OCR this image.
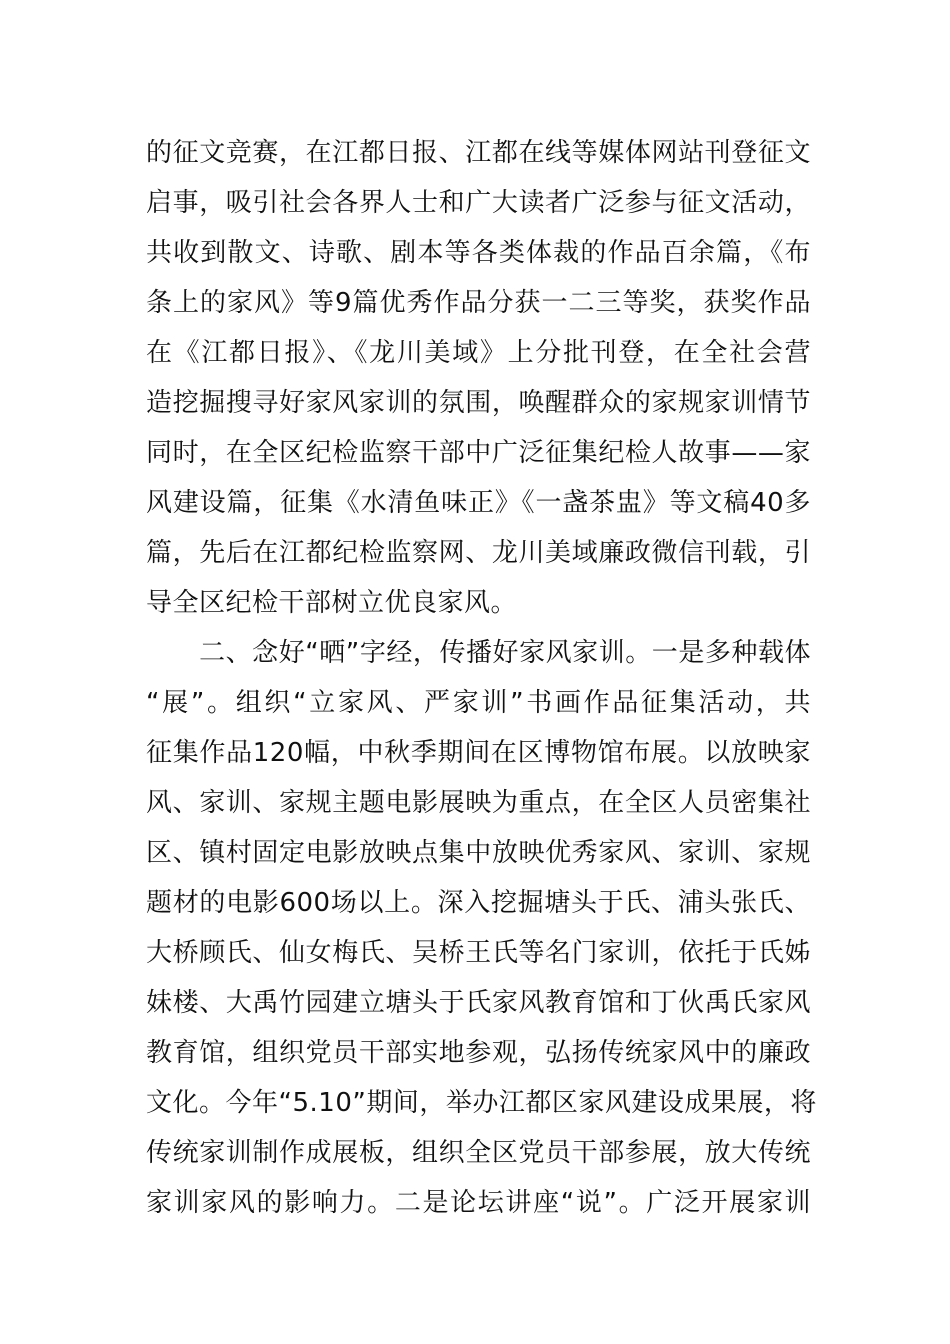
的征文竞赛，在江都日报、江都在线等媒体网站刊登征文
启事，吸引社会各界人士和广大读者广泛参与征文活动，
共收到散文、诗歌、剧本等各类体裁的作品百余篇，《布
条上的家风》等9篇优秀作品分获一二三等奖，获奖作品
在《江都日报》、《龙川美域》上分批刊登，在全社会营
造挖掘搜寻好家风家训的氛围，唤醒群众的家规家训情节
同时，在全区纪检监察干部中广泛征集纪检人故事——家
风建设篇，征集《水清鱼味正》《一盏茶盅》等文稿40多
篇，先后在江都纪检监察网、龙川美域廉政微信刊载，引
导全区纪检干部树立优良家风。
　　二、念好“晒”字经，传播好家风家训。一是多种载体
“展”。组织“立家风、严家训”书画作品征集活动，共
征集作品120幅，中秋季期间在区博物馆布展。以放映家
风、家训、家规主题电影展映为重点，在全区人员密集社
区、镇村固定电影放映点集中放映优秀家风、家训、家规
题材的电影600场以上。深入挖掘塘头于氏、浦头张氏、
大桥顾氏、仙女梅氏、吴桥王氏等名门家训，依托于氏姊
妹楼、大禹竹园建立塘头于氏家风教育馆和丁伙禹氏家风
教育馆，组织党员干部实地参观，弘扬传统家风中的廉政
文化。今年“5.10”期间，举办江都区家风建设成果展，将
传统家训制作成展板，组织全区党员干部参展，放大传统
家训家风的影响力。二是论坛讲座“说”。广泛开展家训
